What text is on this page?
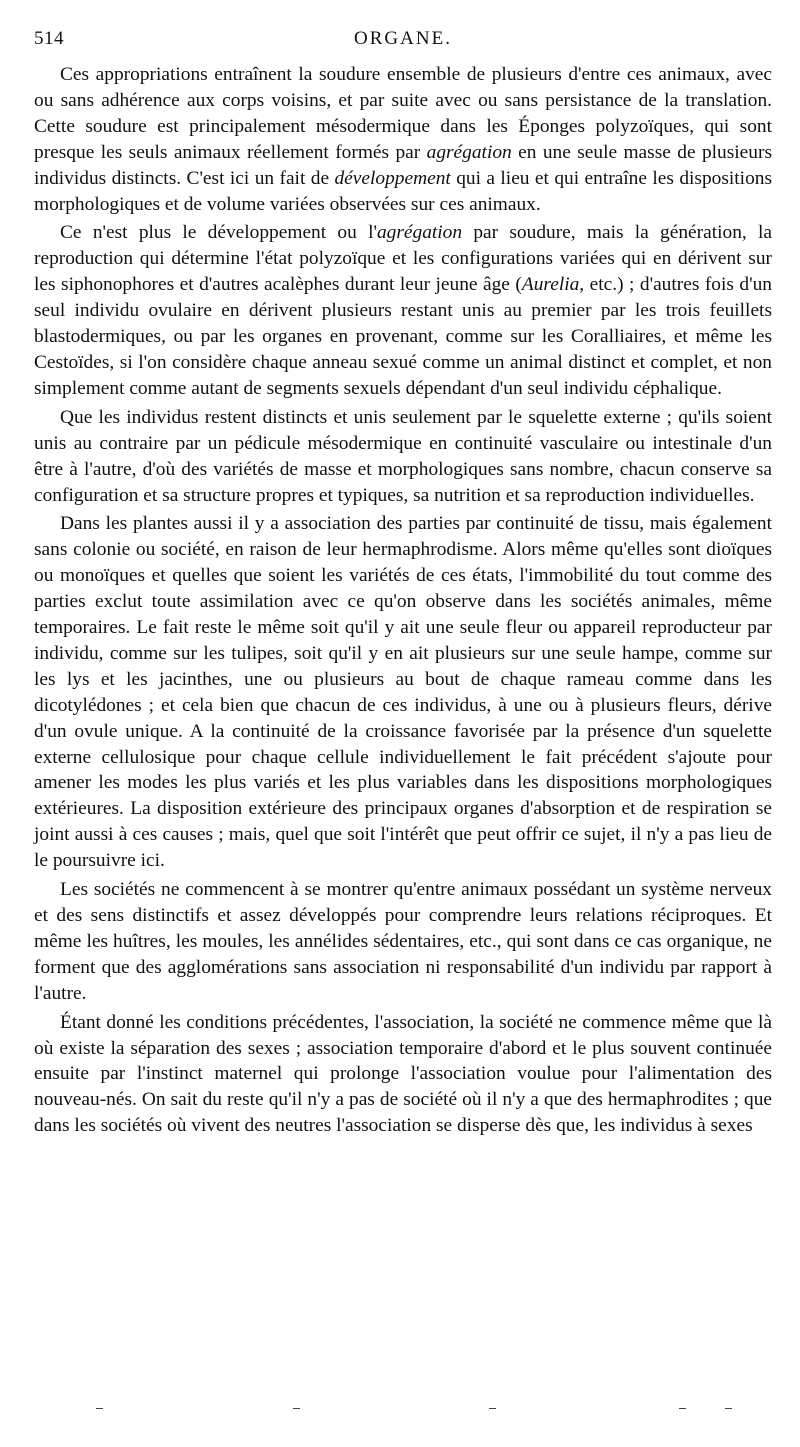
514	ORGANE.

Ces appropriations entraînent la soudure ensemble de plusieurs d'entre ces animaux, avec ou sans adhérence aux corps voisins, et par suite avec ou sans persistance de la translation. Cette soudure est principalement mésodermique dans les Éponges polyzoïques, qui sont presque les seuls animaux réellement formés par agrégation en une seule masse de plusieurs individus distincts. C'est ici un fait de développement qui a lieu et qui entraîne les dispositions morphologiques et de volume variées observées sur ces animaux.

Ce n'est plus le développement ou l'agrégation par soudure, mais la génération, la reproduction qui détermine l'état polyzoïque et les configurations variées qui en dérivent sur les siphonophores et d'autres acalèphes durant leur jeune âge (Aurelia, etc.) ; d'autres fois d'un seul individu ovulaire en dérivent plusieurs restant unis au premier par les trois feuillets blastodermiques, ou par les organes en provenant, comme sur les Coralliaires, et même les Cestoïdes, si l'on considère chaque anneau sexué comme un animal distinct et complet, et non simplement comme autant de segments sexuels dépendant d'un seul individu céphalique.

Que les individus restent distincts et unis seulement par le squelette externe ; qu'ils soient unis au contraire par un pédicule mésodermique en continuité vasculaire ou intestinale d'un être à l'autre, d'où des variétés de masse et morphologiques sans nombre, chacun conserve sa configuration et sa structure propres et typiques, sa nutrition et sa reproduction individuelles.

Dans les plantes aussi il y a association des parties par continuité de tissu, mais également sans colonie ou société, en raison de leur hermaphrodisme. Alors même qu'elles sont dioïques ou monoïques et quelles que soient les variétés de ces états, l'immobilité du tout comme des parties exclut toute assimilation avec ce qu'on observe dans les sociétés animales, même temporaires. Le fait reste le même soit qu'il y ait une seule fleur ou appareil reproducteur par individu, comme sur les tulipes, soit qu'il y en ait plusieurs sur une seule hampe, comme sur les lys et les jacinthes, une ou plusieurs au bout de chaque rameau comme dans les dicotylédones ; et cela bien que chacun de ces individus, à une ou à plusieurs fleurs, dérive d'un ovule unique. A la continuité de la croissance favorisée par la présence d'un squelette externe cellulosique pour chaque cellule individuellement le fait précédent s'ajoute pour amener les modes les plus variés et les plus variables dans les dispositions morphologiques extérieures. La disposition extérieure des principaux organes d'absorption et de respiration se joint aussi à ces causes ; mais, quel que soit l'intérêt que peut offrir ce sujet, il n'y a pas lieu de le poursuivre ici.

Les sociétés ne commencent à se montrer qu'entre animaux possédant un système nerveux et des sens distinctifs et assez développés pour comprendre leurs relations réciproques. Et même les huîtres, les moules, les annélides sédentaires, etc., qui sont dans ce cas organique, ne forment que des agglomérations sans association ni responsabilité d'un individu par rapport à l'autre.

Étant donné les conditions précédentes, l'association, la société ne commence même que là où existe la séparation des sexes ; association temporaire d'abord et le plus souvent continuée ensuite par l'instinct maternel qui prolonge l'association voulue pour l'alimentation des nouveau-nés. On sait du reste qu'il n'y a pas de société où il n'y a que des hermaphrodites ; que dans les sociétés où vivent des neutres l'association se disperse dès que, les individus à sexes
